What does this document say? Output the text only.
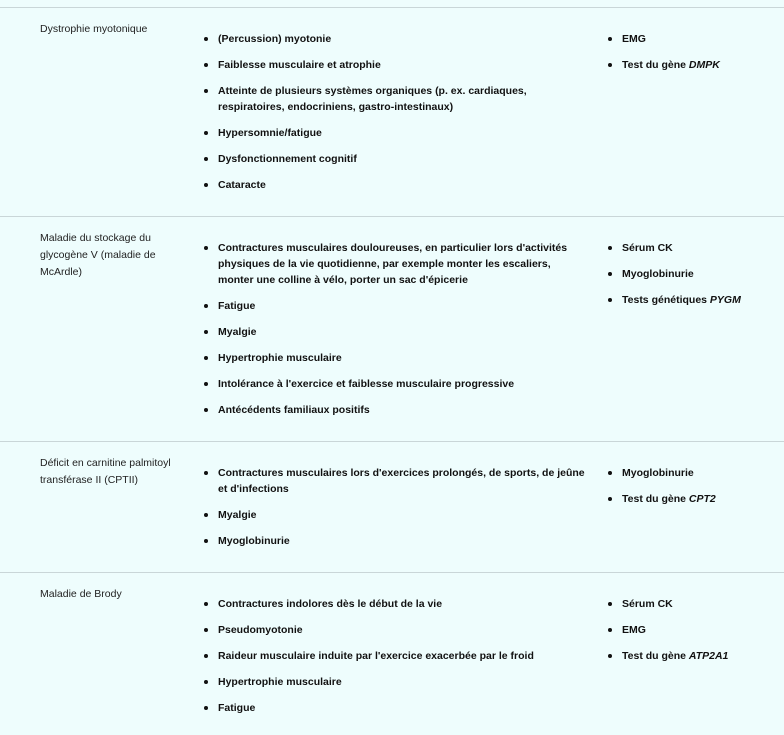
Dystrophie myotonique
(Percussion) myotonie
Faiblesse musculaire et atrophie
Atteinte de plusieurs systèmes organiques (p. ex. cardiaques, respiratoires, endocriniens, gastro-intestinaux)
Hypersomnie/fatigue
Dysfonctionnement cognitif
Cataracte
EMG
Test du gène DMPK
Maladie du stockage du glycogène V (maladie de McArdle)
Contractures musculaires douloureuses, en particulier lors d'activités physiques de la vie quotidienne, par exemple monter les escaliers, monter une colline à vélo, porter un sac d'épicerie
Fatigue
Myalgie
Hypertrophie musculaire
Intolérance à l'exercice et faiblesse musculaire progressive
Antécédents familiaux positifs
Sérum CK
Myoglobinurie
Tests génétiques PYGM
Déficit en carnitine palmitoyl transférase II (CPTII)
Contractures musculaires lors d'exercices prolongés, de sports, de jeûne et d'infections
Myalgie
Myoglobinurie
Myoglobinurie
Test du gène CPT2
Maladie de Brody
Contractures indolores dès le début de la vie
Pseudomyotonie
Raideur musculaire induite par l'exercice exacerbée par le froid
Hypertrophie musculaire
Fatigue
Sérum CK
EMG
Test du gène ATP2A1
